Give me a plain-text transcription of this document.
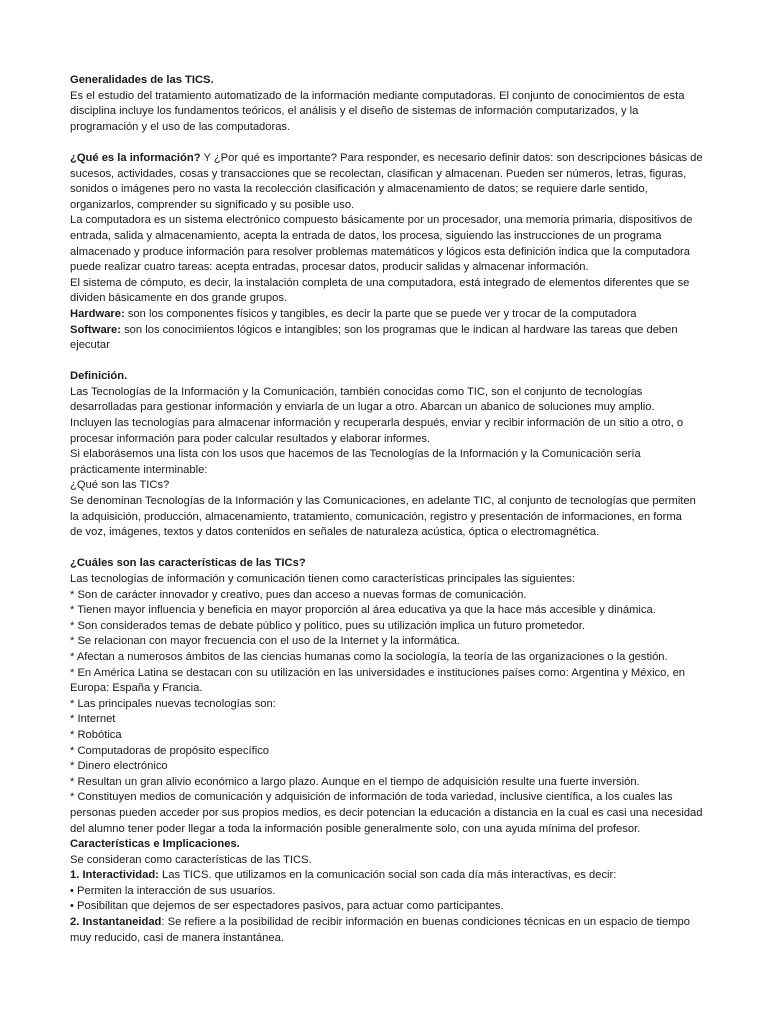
Generalidades de las TICS.

Es el estudio del tratamiento automatizado de la información mediante computadoras. El conjunto de conocimientos de esta

disciplina incluye los fundamentos teóricos, el análisis y el diseño de sistemas de información computarizados, y la

programación y el uso de las computadoras.

¿Qué es la información? Y ¿Por qué es importante? Para responder, es necesario definir datos: son descripciones básicas de

sucesos, actividades, cosas y transacciones que se recolectan, clasifican y almacenan. Pueden ser números, letras, figuras,

sonidos o imágenes pero no vasta la recolección clasificación y almacenamiento de datos; se requiere darle sentido,

organizarlos, comprender su significado y su posible uso.

La computadora es un sistema electrónico compuesto básicamente por un procesador, una memoria primaria, dispositivos de

entrada, salida y almacenamiento, acepta la entrada de datos, los procesa, siguiendo las instrucciones de un programa

almacenado y produce información para resolver problemas matemáticos y lógicos esta definición indica que la computadora

puede realizar cuatro tareas: acepta entradas, procesar datos, producir salidas y almacenar información.

El sistema de cómputo, es decir, la instalación completa de una computadora, está integrado de elementos diferentes que se

dividen básicamente en dos grande grupos.

Hardware: son los componentes físicos y tangibles, es decir la parte que se puede ver y trocar de la computadora

Software: son los conocimientos lógicos e intangibles; son los programas que le indican al hardware las tareas que deben

ejecutar

Definición.

Las Tecnologías de la Información y la Comunicación, también conocidas como TIC, son el conjunto de tecnologías

desarrolladas para gestionar información y enviarla de un lugar a otro. Abarcan un abanico de soluciones muy amplio.

Incluyen las tecnologías para almacenar información y recuperarla después, enviar y recibir información de un sitio a otro, o

procesar información para poder calcular resultados y elaborar informes.

Si elaborásemos una lista con los usos que hacemos de las Tecnologías de la Información y la Comunicación sería

prácticamente interminable:

¿Qué son las TICs?

Se denominan Tecnologías de la Información y las Comunicaciones, en adelante TIC, al conjunto de tecnologías que permiten

la adquisición, producción, almacenamiento, tratamiento, comunicación, registro y presentación de informaciones, en forma

de voz, imágenes, textos y datos contenidos en señales de naturaleza acústica, óptica o electromagnética.

¿Cuáles son las características de las TICs?

Las tecnologías de información y comunicación tienen como características principales las siguientes:

* Son de carácter innovador y creativo, pues dan acceso a nuevas formas de comunicación.

* Tienen mayor influencia y beneficia en mayor proporción al área educativa ya que la hace más accesible y dinámica.

* Son considerados temas de debate público y político, pues su utilización implica un futuro prometedor.

* Se relacionan con mayor frecuencia con el uso de la Internet y la informática.

* Afectan a numerosos ámbitos de las ciencias humanas como la sociología, la teoría de las organizaciones o la gestión.

* En América Latina se destacan con su utilización en las universidades e instituciones países como: Argentina y México, en

Europa: España y Francia.

* Las principales nuevas tecnologías son:

* Internet

* Robótica

* Computadoras de propósito específico

* Dinero electrónico

* Resultan un gran alivio económico a largo plazo. Aunque en el tiempo de adquisición resulte una fuerte inversión.

* Constituyen medios de comunicación y adquisición de información de toda variedad, inclusive científica, a los cuales las

personas pueden acceder por sus propios medios, es decir potencian la educación a distancia en la cual es casi una necesidad

del alumno tener poder llegar a toda la información posible generalmente solo, con una ayuda mínima del profesor.

Características e Implicaciones.

Se consideran como características de las TICS.

1. Interactividad: Las TICS. que utilizamos en la comunicación social son cada día más interactivas, es decir:

• Permiten la interacción de sus usuarios.

• Posibilitan que dejemos de ser espectadores pasivos, para actuar como participantes.

2. Instantaneidad: Se refiere a la posibilidad de recibir información en buenas condiciones técnicas en un espacio de tiempo

muy reducido, casi de manera instantánea.
